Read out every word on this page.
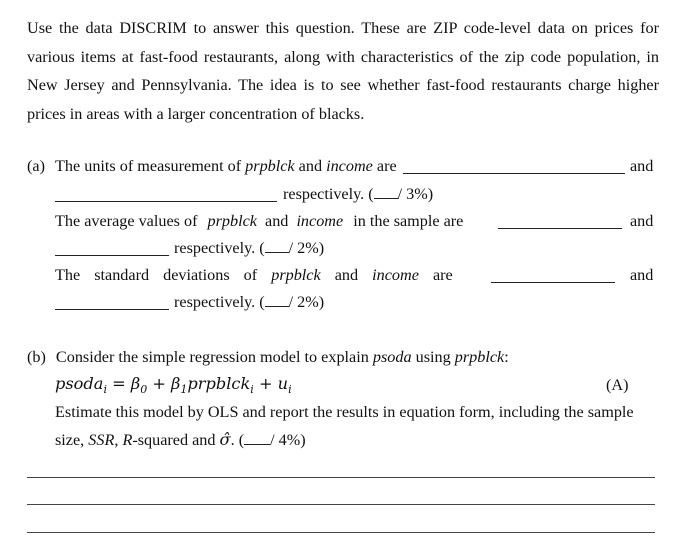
Use the data DISCRIM to answer this question. These are ZIP code-level data on prices for various items at fast-food restaurants, along with characteristics of the zip code population, in New Jersey and Pennsylvania. The idea is to see whether fast-food restaurants charge higher prices in areas with a larger concentration of blacks.
(a) The units of measurement of prpblck and income are	and
respectively. ( / 3%)
The average values of prpblck and income in the sample are	and
respectively. ( / 2%)
The standard deviations of prpblck and income are	and
respectively. ( / 2%)
(b) Consider the simple regression model to explain psoda using prpblck:
psoda$_i$ = $\beta_0$ + $\beta_1prpblck_i + u_i$	(A)
Estimate this model by OLS and report the results in equation form, including the sample
size, SSR, R-squared and σ̂. ( / 4%)
